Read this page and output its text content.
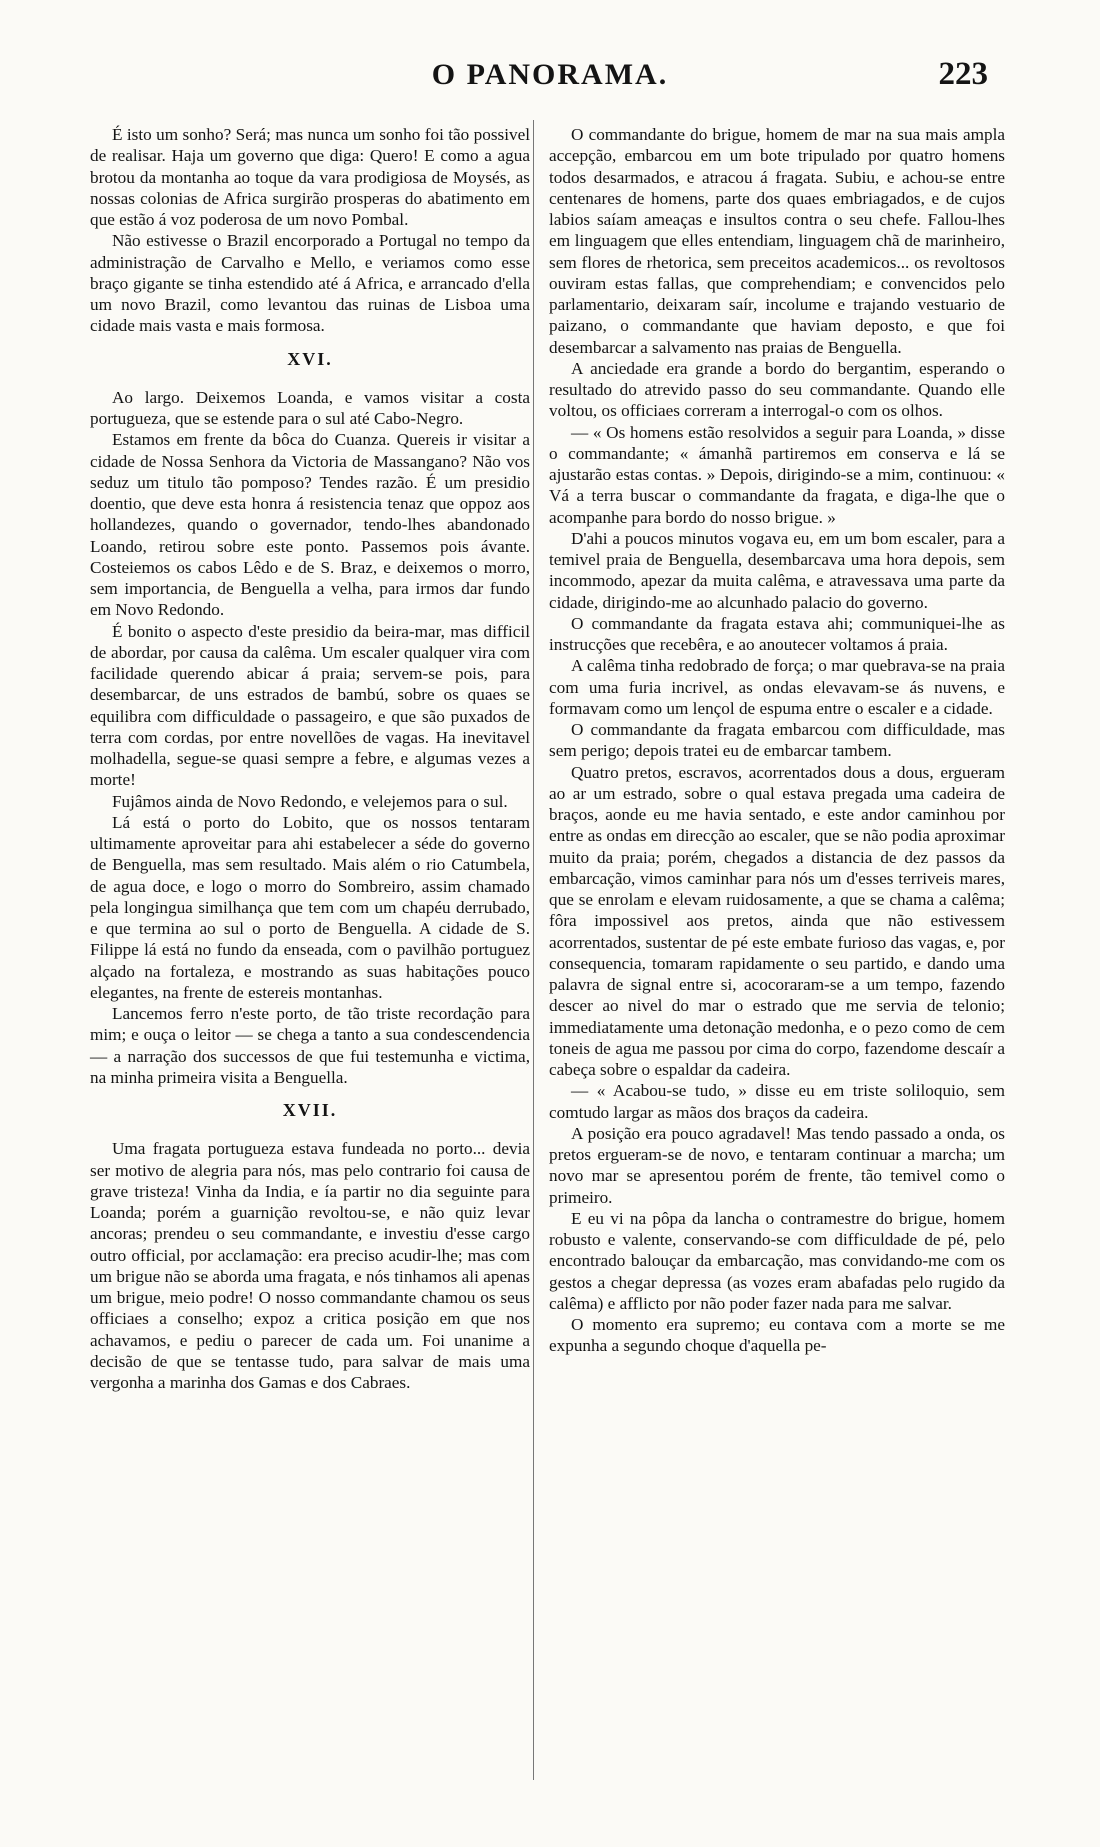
O PANORAMA.	223

É isto um sonho? Será; mas nunca um sonho foi tão possivel de realisar. Haja um governo que diga: Quero! E como a agua brotou da montanha ao toque da vara prodigiosa de Moysés, as nossas colonias de Africa surgirão prosperas do abatimento em que estão á voz poderosa de um novo Pombal.

Não estivesse o Brazil encorporado a Portugal no tempo da administração de Carvalho e Mello, e veriamos como esse braço gigante se tinha estendido até á Africa, e arrancado d'ella um novo Brazil, como levantou das ruinas de Lisboa uma cidade mais vasta e mais formosa.

XVI.

Ao largo. Deixemos Loanda, e vamos visitar a costa portugueza, que se estende para o sul até Cabo-Negro.

Estamos em frente da bôca do Cuanza. Quereis ir visitar a cidade de Nossa Senhora da Victoria de Massangano? Não vos seduz um titulo tão pomposo? Tendes razão. É um presidio doentio, que deve esta honra á resistencia tenaz que oppoz aos hollandezes, quando o governador, tendo-lhes abandonado Loando, retirou sobre este ponto. Passemos pois ávante. Costeiemos os cabos Lêdo e de S. Braz, e deixemos o morro, sem importancia, de Benguella a velha, para irmos dar fundo em Novo Redondo.

É bonito o aspecto d'este presidio da beira-mar, mas difficil de abordar, por causa da calêma. Um escaler qualquer vira com facilidade querendo abicar á praia; servem-se pois, para desembarcar, de uns estrados de bambú, sobre os quaes se equilibra com difficuldade o passageiro, e que são puxados de terra com cordas, por entre novellões de vagas. Ha inevitavel molhadella, segue-se quasi sempre a febre, e algumas vezes a morte!

Fujâmos ainda de Novo Redondo, e velejemos para o sul.

Lá está o porto do Lobito, que os nossos tentaram ultimamente aproveitar para ahi estabelecer a séde do governo de Benguella, mas sem resultado. Mais além o rio Catumbela, de agua doce, e logo o morro do Sombreiro, assim chamado pela longingua similhança que tem com um chapéu derrubado, e que termina ao sul o porto de Benguella. A cidade de S. Filippe lá está no fundo da enseada, com o pavilhão portuguez alçado na fortaleza, e mostrando as suas habitações pouco elegantes, na frente de estereis montanhas.

Lancemos ferro n'este porto, de tão triste recordação para mim; e ouça o leitor — se chega a tanto a sua condescendencia — a narração dos successos de que fui testemunha e victima, na minha primeira visita a Benguella.

XVII.

Uma fragata portugueza estava fundeada no porto... devia ser motivo de alegria para nós, mas pelo contrario foi causa de grave tristeza! Vinha da India, e ía partir no dia seguinte para Loanda; porém a guarnição revoltou-se, e não quiz levar ancoras; prendeu o seu commandante, e investiu d'esse cargo outro official, por acclamação: era preciso acudir-lhe; mas com um brigue não se aborda uma fragata, e nós tinhamos ali apenas um brigue, meio podre! O nosso commandante chamou os seus officiaes a conselho; expoz a critica posição em que nos achavamos, e pediu o parecer de cada um. Foi unanime a decisão de que se tentasse tudo, para salvar de mais uma vergonha a marinha dos Gamas e dos Cabraes.

O commandante do brigue, homem de mar na sua mais ampla accepção, embarcou em um bote tripulado por quatro homens todos desarmados, e atracou á fragata. Subiu, e achou-se entre centenares de homens, parte dos quaes embriagados, e de cujos labios saíam ameaças e insultos contra o seu chefe. Fallou-lhes em linguagem que elles entendiam, linguagem chã de marinheiro, sem flores de rhetorica, sem preceitos academicos... os revoltosos ouviram estas fallas, que comprehendiam; e convencidos pelo parlamentario, deixaram saír, incolume e trajando vestuario de paizano, o commandante que haviam deposto, e que foi desembarcar a salvamento nas praias de Benguella.

A anciedade era grande a bordo do bergantim, esperando o resultado do atrevido passo do seu commandante. Quando elle voltou, os officiaes correram a interrogal-o com os olhos.

— « Os homens estão resolvidos a seguir para Loanda, » disse o commandante; « ámanhã partiremos em conserva e lá se ajustarão estas contas. » Depois, dirigindo-se a mim, continuou: « Vá a terra buscar o commandante da fragata, e diga-lhe que o acompanhe para bordo do nosso brigue. »

D'ahi a poucos minutos vogava eu, em um bom escaler, para a temivel praia de Benguella, desembarcava uma hora depois, sem incommodo, apezar da muita calêma, e atravessava uma parte da cidade, dirigindo-me ao alcunhado palacio do governo.

O commandante da fragata estava ahi; communiquei-lhe as instrucções que recebêra, e ao anoutecer voltamos á praia.

A calêma tinha redobrado de força; o mar quebrava-se na praia com uma furia incrivel, as ondas elevavam-se ás nuvens, e formavam como um lençol de espuma entre o escaler e a cidade.

O commandante da fragata embarcou com difficuldade, mas sem perigo; depois tratei eu de embarcar tambem.

Quatro pretos, escravos, acorrentados dous a dous, ergueram ao ar um estrado, sobre o qual estava pregada uma cadeira de braços, aonde eu me havia sentado, e este andor caminhou por entre as ondas em direcção ao escaler, que se não podia aproximar muito da praia; porém, chegados a distancia de dez passos da embarcação, vimos caminhar para nós um d'esses terriveis mares, que se enrolam e elevam ruidosamente, a que se chama a calêma; fôra impossivel aos pretos, ainda que não estivessem acorrentados, sustentar de pé este embate furioso das vagas, e, por consequencia, tomaram rapidamente o seu partido, e dando uma palavra de signal entre si, acocoraram-se a um tempo, fazendo descer ao nivel do mar o estrado que me servia de telonio; immediatamente uma detonação medonha, e o pezo como de cem toneis de agua me passou por cima do corpo, fazendome descaír a cabeça sobre o espaldar da cadeira.

— « Acabou-se tudo, » disse eu em triste soliloquio, sem comtudo largar as mãos dos braços da cadeira.

A posição era pouco agradavel! Mas tendo passado a onda, os pretos ergueram-se de novo, e tentaram continuar a marcha; um novo mar se apresentou porém de frente, tão temivel como o primeiro.

E eu vi na pôpa da lancha o contramestre do brigue, homem robusto e valente, conservando-se com difficuldade de pé, pelo encontrado balouçar da embarcação, mas convidando-me com os gestos a chegar depressa (as vozes eram abafadas pelo rugido da calêma) e afflicto por não poder fazer nada para me salvar.

O momento era supremo; eu contava com a morte se me expunha a segundo choque d'aquella pe-
